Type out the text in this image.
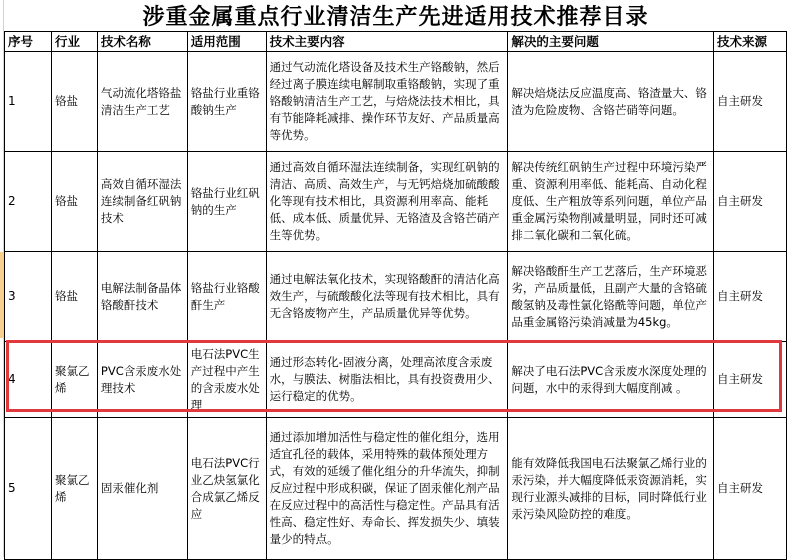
涉重金属重点行业清洁生产先进适用技术推荐目录
序号	行业	技术名称	适用范围	技术主要内容	解决的主要问题	技术来源
1	铬盐	气动流化塔铬盐清洁生产工艺	铬盐行业重铬酸钠生产	通过气动流化塔设备及技术生产铬酸钠，然后经过离子膜连续电解制取重铬酸钠，实现了重铬酸钠清洁生产工艺，与焙烧法技术相比，具有节能降耗减排、操作环节友好、产品质量高等优势。	解决焙烧法反应温度高、铬渣量大、铬渣为危险废物、含铬芒硝等问题。	自主研发
2	铬盐	高效自循环湿法连续制备红矾钠技术	铬盐行业红矾钠的生产	通过高效自循环湿法连续制备，实现红矾钠的清洁、高质、高效生产，与无钙焙烧加硫酸酸化等现有技术相比，具资源利用率高、能耗低、成本低、质量优异、无铬渣及含铬芒硝产生等优势。	解决传统红矾钠生产过程中环境污染严重、资源利用率低、能耗高、自动化程度低、生产粗放等系列问题，单位产品重金属污染物削减量明显，同时还可减排二氧化碳和二氧化硫。	自主研发
3	铬盐	电解法制备晶体铬酸酐技术	铬盐行业铬酸酐生产	通过电解法氧化技术，实现铬酸酐的清洁化高效生产，与硫酸酸化法等现有技术相比，具有无含铬废物产生，产品质量优异等优势。	解决铬酸酐生产工艺落后，生产环境恶劣，产品质量低，且副产大量的含铬硫酸氢钠及毒性氯化铬酰等问题，单位产品重金属铬污染消减量为45kg。	自主研发
4	聚氯乙烯	PVC含汞废水处理技术	电石法PVC生产过程中产生的含汞废水处理	通过形态转化-固液分离，处理高浓度含汞废水，与膜法、树脂法相比，具有投资费用少、运行稳定的优势。	解决了电石法PVC含汞废水深度处理的问题，水中的汞得到大幅度削减 。	自主研发
5	聚氯乙烯	固汞催化剂	电石法PVC行业乙炔氢氯化合成氯乙烯反应	通过添加增加活性与稳定性的催化组分，选用适宜孔径的载体，采用特殊的载体预处理方式，有效的延缓了催化组分的升华流失，抑制反应过程中形成积碳，保证了固汞催化剂产品在反应过程中的高活性与稳定性。产品具有活性高、稳定性好、寿命长、挥发损失少、填装量少的特点。	能有效降低我国电石法聚氯乙烯行业的汞污染，并大幅度降低汞资源消耗，实现行业源头减排的目标，同时降低行业汞污染风险防控的难度。	自主研发
